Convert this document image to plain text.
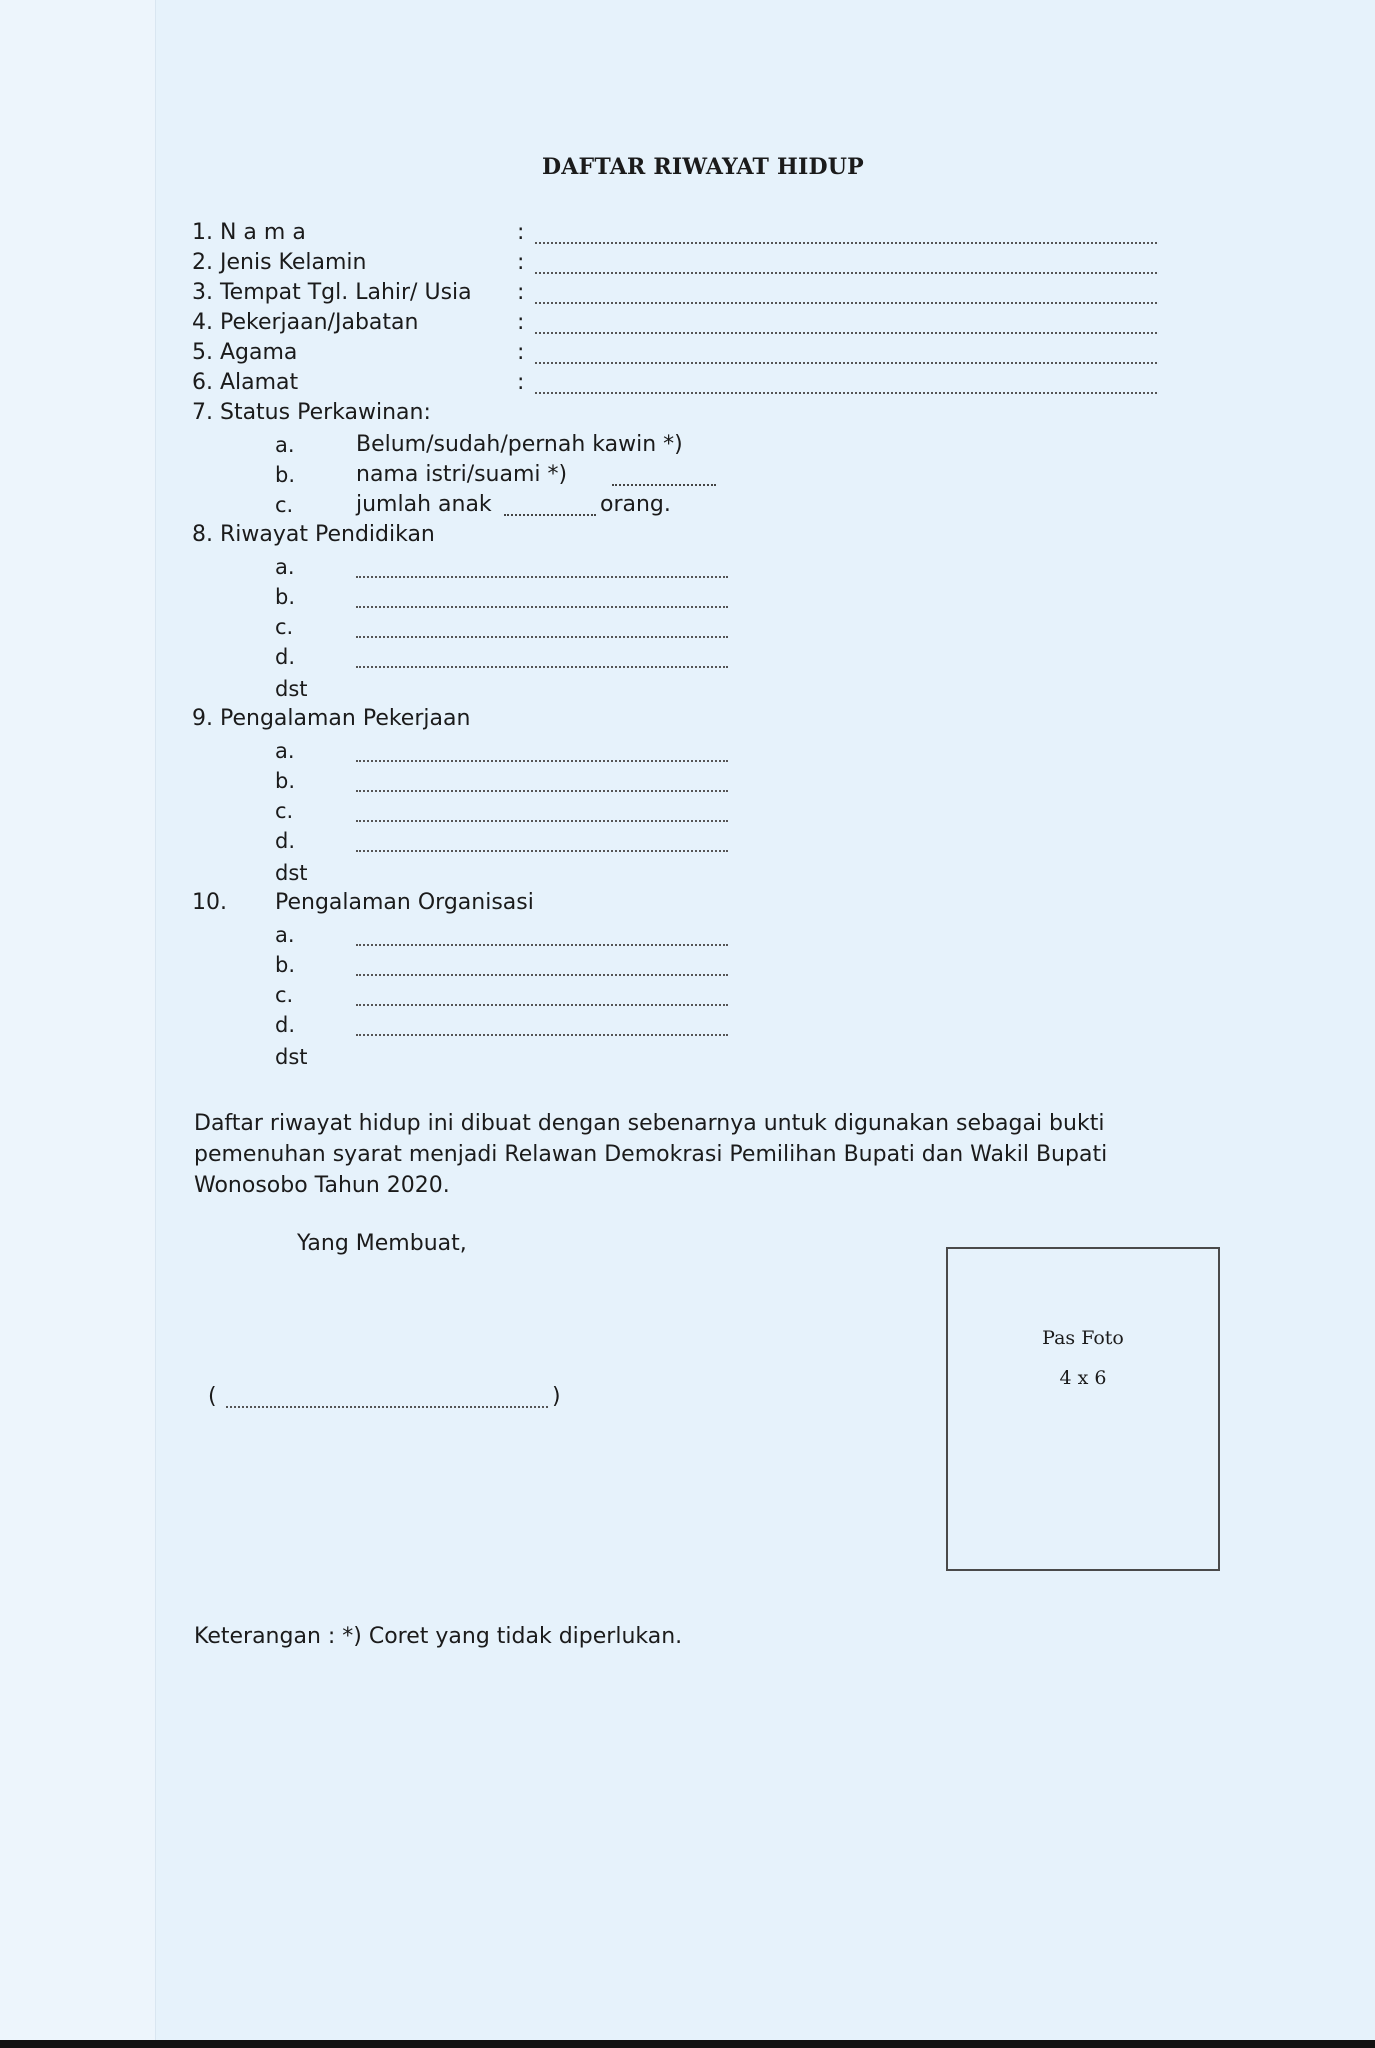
DAFTAR RIWAYAT HIDUP
1. N a m a	:
2. Jenis Kelamin	:
3. Tempat Tgl. Lahir/ Usia :
4. Pekerjaan/Jabatan	:
5. Agama	:
6. Alamat	:
7. Status Perkawinan:
a.	Belum/sudah/pernah kawin *)
b.	nama istri/suami *)
c.	jumlah anak	orang.
8. Riwayat Pendidikan
a.
b.
c.
d.
dst
9. Pengalaman Pekerjaan
a.
b.
c.
d.
dst
10. Pengalaman Organisasi
a.
b.
c.
d.
dst
Daftar riwayat hidup ini dibuat dengan sebenarnya untuk digunakan sebagai bukti pemenuhan syarat menjadi Relawan Demokrasi Pemilihan Bupati dan Wakil Bupati Wonosobo Tahun 2020.
Yang Membuat,
(	)
Pas Foto
4 x 6
Keterangan : *) Coret yang tidak diperlukan.
